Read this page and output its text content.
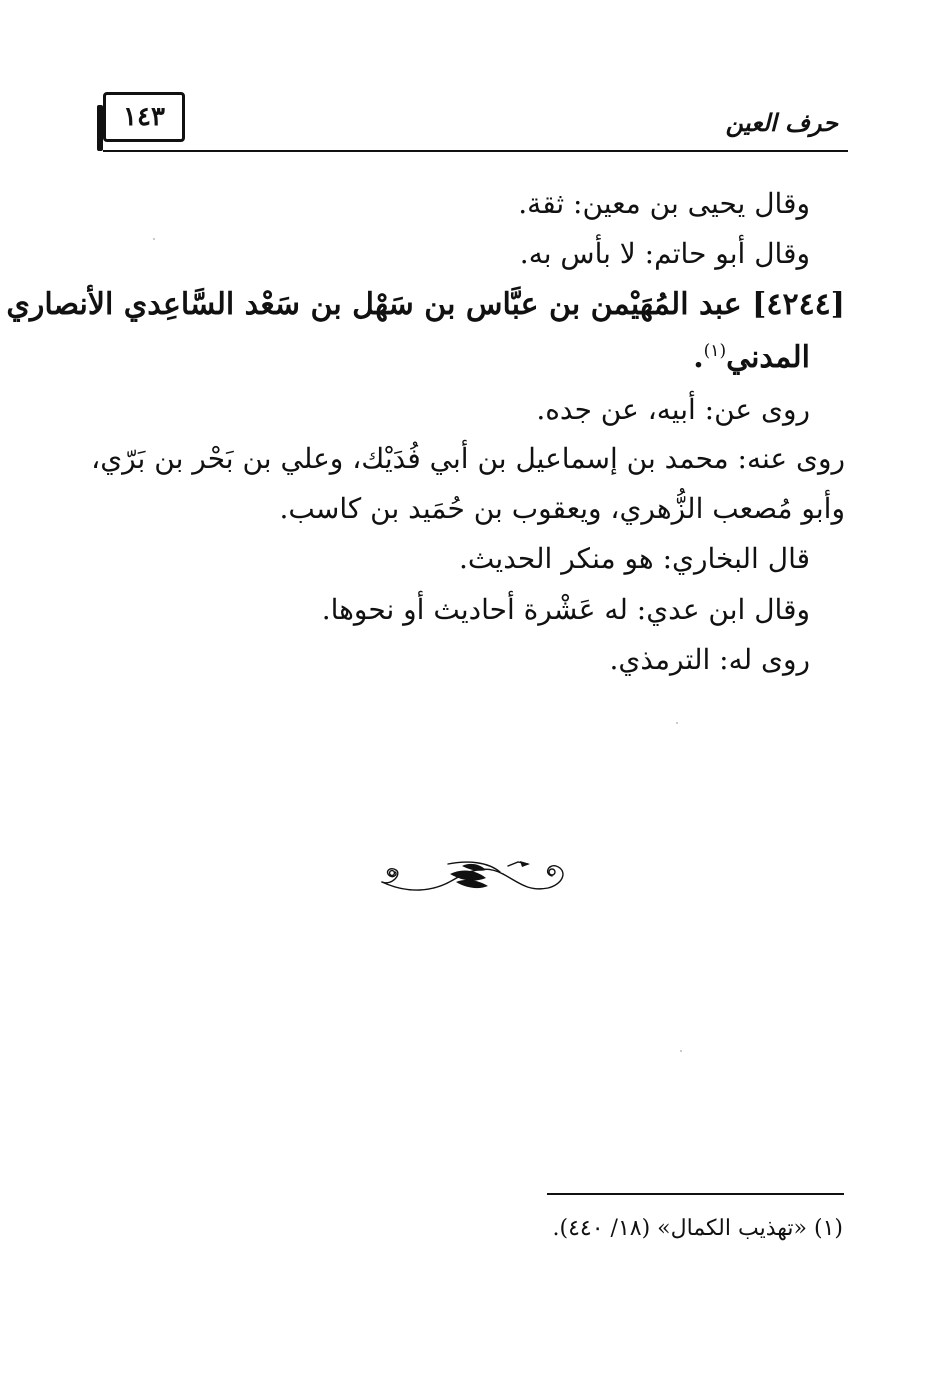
١٤٣	حرف العين
وقال يحيى بن معين: ثقة.
وقال أبو حاتم: لا بأس به.
[٤٢٤٤] عبد المُهَيْمن بن عبَّاس بن سَهْل بن سَعْد السَّاعِدي الأنصاري
المدني$^{(١)}$.
روى عن: أبيه، عن جده.
روى عنه: محمد بن إسماعيل بن أبي فُدَيْك، وعلي بن بَحْر بن بَرّي،
وأبو مُصعب الزُّهري، ويعقوب بن حُمَيد بن كاسب.
قال البخاري: هو منكر الحديث.
وقال ابن عدي: له عَشْرة أحاديث أو نحوها.
روى له: الترمذي.
(١) «تهذيب الكمال» (١٨/ ٤٤٠).
